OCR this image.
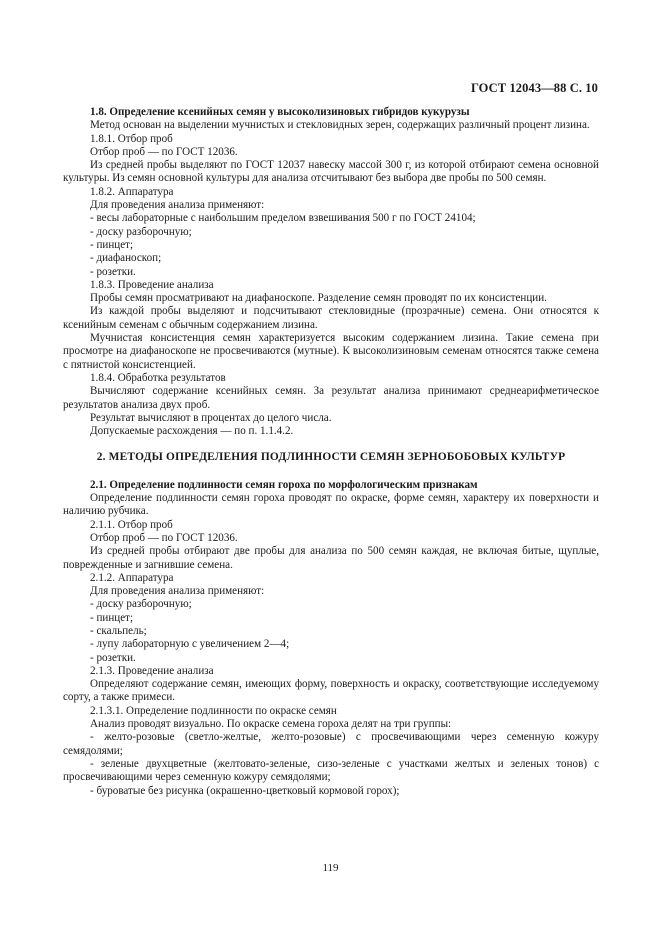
ГОСТ 12043—88 С. 10

1.8. Определение ксенийных семян у высоколизиновых гибридов кукурузы

Метод основан на выделении мучнистых и стекловидных зерен, содержащих различный процент лизина.

1.8.1. Отбор проб

Отбор проб — по ГОСТ 12036.

Из средней пробы выделяют по ГОСТ 12037 навеску массой 300 г, из которой отбирают семена основной культуры. Из семян основной культуры для анализа отсчитывают без выбора две пробы по 500 семян.

1.8.2. Аппаратура

Для проведения анализа применяют:

- весы лабораторные с наибольшим пределом взвешивания 500 г по ГОСТ 24104;

- доску разборочную;

- пинцет;

- диафаноскоп;

- розетки.

1.8.3. Проведение анализа

Пробы семян просматривают на диафаноскопе. Разделение семян проводят по их консистенции.

Из каждой пробы выделяют и подсчитывают стекловидные (прозрачные) семена. Они относятся к ксенийным семенам с обычным содержанием лизина.

Мучнистая консистенция семян характеризуется высоким содержанием лизина. Такие семена при просмотре на диафаноскопе не просвечиваются (мутные). К высоколизиновым семенам относятся также семена с пятнистой консистенцией.

1.8.4. Обработка результатов

Вычисляют содержание ксенийных семян. За результат анализа принимают среднеарифметическое результатов анализа двух проб.

Результат вычисляют в процентах до целого числа.

Допускаемые расхождения — по п. 1.1.4.2.

2. МЕТОДЫ ОПРЕДЕЛЕНИЯ ПОДЛИННОСТИ СЕМЯН ЗЕРНОБОБОВЫХ КУЛЬТУР

2.1. Определение подлинности семян гороха по морфологическим признакам

Определение подлинности семян гороха проводят по окраске, форме семян, характеру их поверхности и наличию рубчика.

2.1.1. Отбор проб

Отбор проб — по ГОСТ 12036.

Из средней пробы отбирают две пробы для анализа по 500 семян каждая, не включая битые, щуплые, поврежденные и загнившие семена.

2.1.2. Аппаратура

Для проведения анализа применяют:

- доску разборочную;

- пинцет;

- скальпель;

- лупу лабораторную с увеличением 2—4;

- розетки.

2.1.3. Проведение анализа

Определяют содержание семян, имеющих форму, поверхность и окраску, соответствующие исследуемому сорту, а также примеси.

2.1.3.1. Определение подлинности по окраске семян

Анализ проводят визуально. По окраске семена гороха делят на три группы:

- желто-розовые (светло-желтые, желто-розовые) с просвечивающими через семенную кожуру семядолями;

- зеленые двухцветные (желтовато-зеленые, сизо-зеленые с участками желтых и зеленых тонов) с просвечивающими через семенную кожуру семядолями;

- буроватые без рисунка (окрашенно-цветковый кормовой горох);

119
